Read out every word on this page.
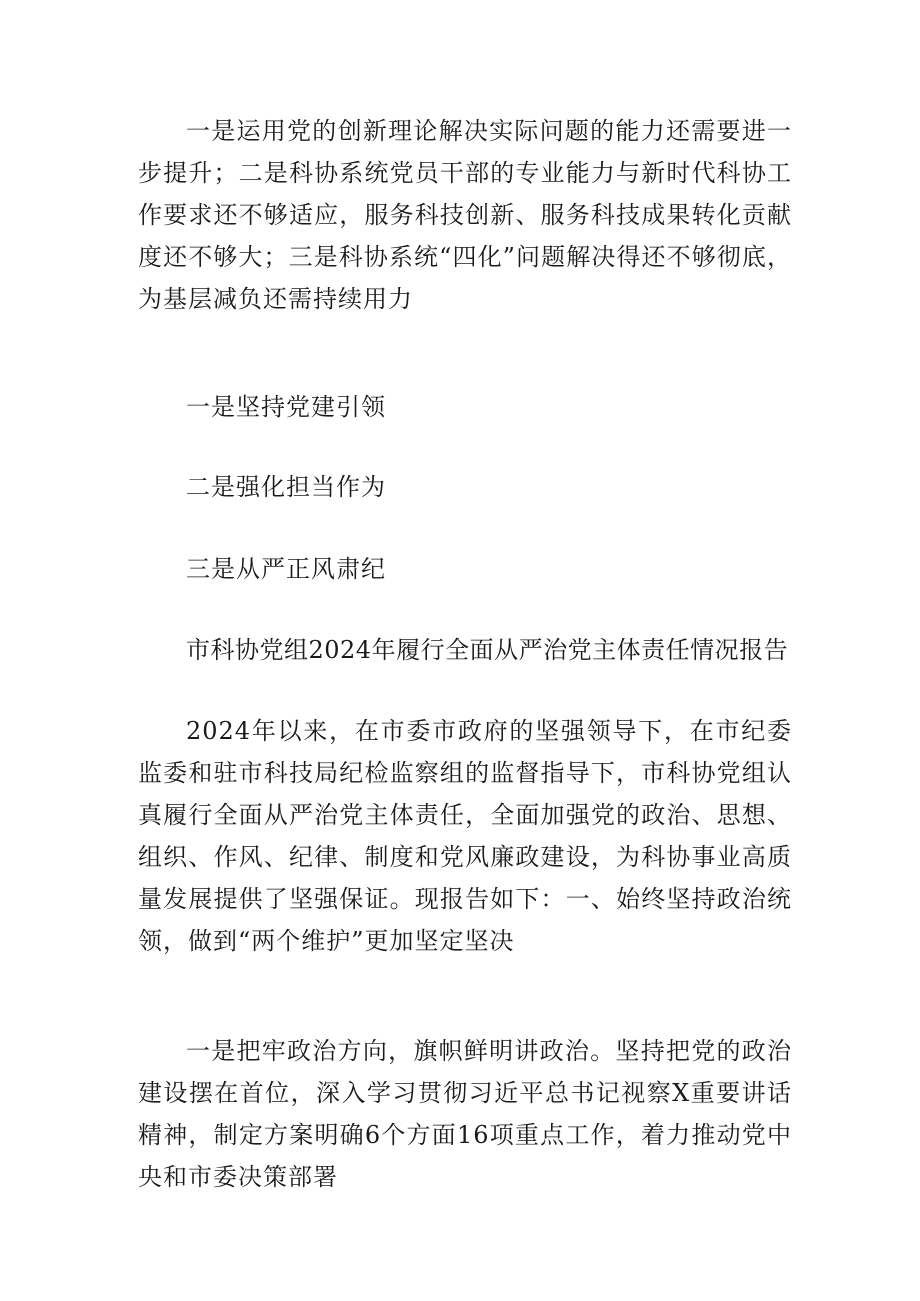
一是运用党的创新理论解决实际问题的能力还需要进一步提升；二是科协系统党员干部的专业能力与新时代科协工作要求还不够适应，服务科技创新、服务科技成果转化贡献度还不够大；三是科协系统“四化”问题解决得还不够彻底，为基层减负还需持续用力

一是坚持党建引领

二是强化担当作为

三是从严正风肃纪

市科协党组2024年履行全面从严治党主体责任情况报告

2024年以来，在市委市政府的坚强领导下，在市纪委监委和驻市科技局纪检监察组的监督指导下，市科协党组认真履行全面从严治党主体责任，全面加强党的政治、思想、组织、作风、纪律、制度和党风廉政建设，为科协事业高质量发展提供了坚强保证。现报告如下：一、始终坚持政治统领，做到“两个维护”更加坚定坚决

一是把牢政治方向，旗帜鲜明讲政治。坚持把党的政治建设摆在首位，深入学习贯彻习近平总书记视察X重要讲话精神，制定方案明确6个方面16项重点工作，着力推动党中央和市委决策部署
